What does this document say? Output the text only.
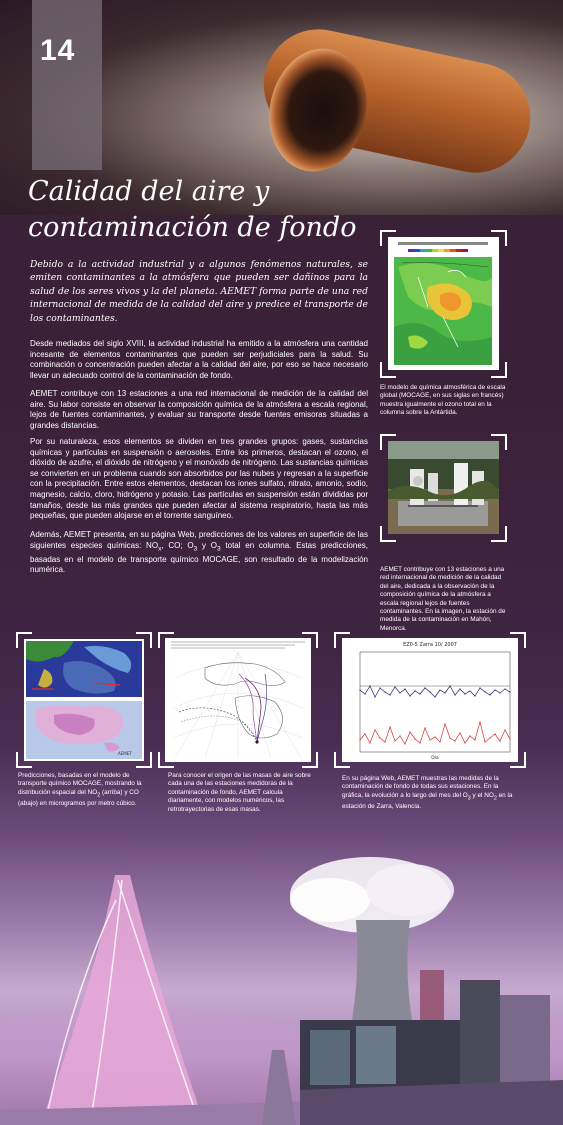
14
Calidad del aire y
contaminación de fondo

Debido a la actividad industrial y a algunos fenómenos naturales, se emiten contaminantes a la atmósfera que pueden ser dañinos para la salud de los seres vivos y la del planeta. AEMET forma parte de una red internacional de medida de la calidad del aire y predice el transporte de los contaminantes.

Desde mediados del siglo XVIII, la actividad industrial ha emitido a la atmósfera una cantidad incesante de elementos contaminantes que pueden ser perjudiciales para la salud. Su combinación o concentración pueden afectar a la calidad del aire, por eso se hace necesario llevar un adecuado control de la contaminación de fondo.

AEMET contribuye con 13 estaciones a una red internacional de medición de la calidad del aire. Su labor consiste en observar la composición química de la atmósfera a escala regional, lejos de fuentes contaminantes, y evaluar su transporte desde fuentes emisoras situadas a grandes distancias.

Por su naturaleza, esos elementos se dividen en tres grandes grupos: gases, sustancias químicas y partículas en suspensión o aerosoles. Entre los primeros, destacan el ozono, el dióxido de azufre, el dióxido de nitrógeno y el monóxido de nitrógeno. Las sustancias químicas se convierten en un problema cuando son absorbidos por las nubes y regresan a la superficie con la precipitación. Entre estos elementos, destacan los iones sulfato, nitrato, amonio, sodio, magnesio, calcio, cloro, hidrógeno y potasio. Las partículas en suspensión están divididas por tamaños, desde las más grandes que pueden afectar al sistema respiratorio, hasta las más pequeñas, que pueden alojarse en el torrente sanguíneo.

Además, AEMET presenta, en su página Web, predicciones de los valores en superficie de las siguientes especies químicas: $NO_x$, CO; $O_3$ y $O_3$ total en columna. Estas predicciones, basadas en el modelo de transporte químico MOCAGE, son resultado de la modelización numérica.

El modelo de química atmosférica de escala global (MOCAGE, en sus siglas en francés) muestra igualmente el ozono total en la columna sobre la Antártida.

AEMET contribuye con 13 estaciones a una red internacional de medición de la calidad del aire, dedicada a la observación de la composición química de la atmósfera a escala regional lejos de fuentes contaminantes. En la imagen, la estación de medida de la contaminación en Mahón, Menorca.

AEMET

Predicciones, basadas en el modelo de transporte químico MOCAGE, mostrando la distribución espacial del $NO_2$ (arriba) y CO (abajo) en microgramos por metro cúbico.

Para conocer el origen de las masas de aire sobre cada una de las estaciones medidoras de la contaminación de fondo, AEMET calcula diariamente, con modelos numéricos, las retrotrayectorias de esas masas.

EZ0-5 Zarra 10/ 2007
Día

En su página Web, AEMET muestras las medidas de la contaminación de fondo de todas sus estaciones. En la gráfica, la evolución a lo largo del mes del $O_3$ y el $NO_2$ en la estación de Zarra, Valencia.
